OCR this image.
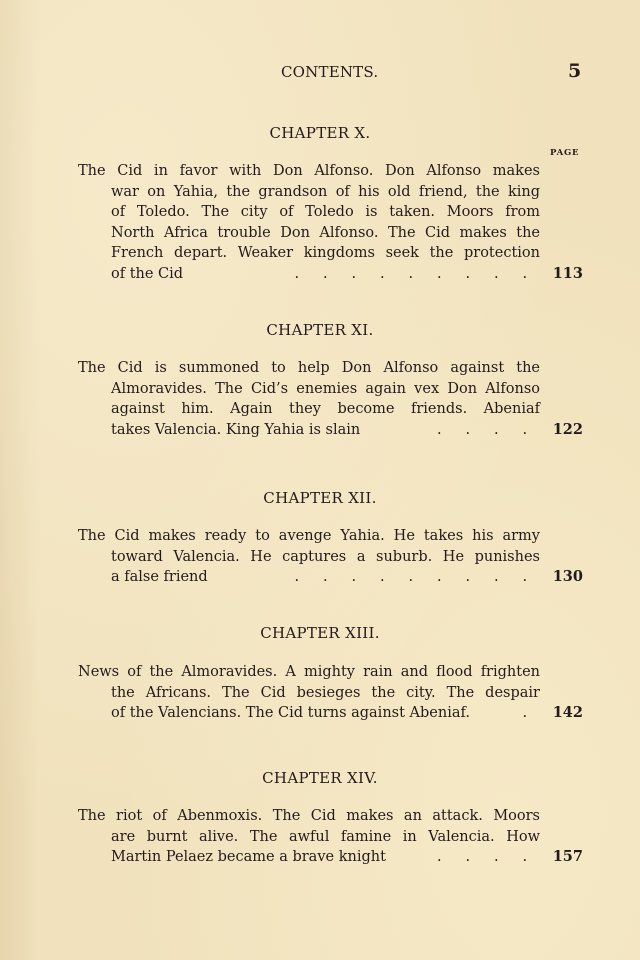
CONTENTS.	5
CHAPTER X.
PAGE
The Cid in favor with Don Alfonso. Don Alfonso makes
war on Yahia, the grandson of his old friend, the king
of Toledo. The city of Toledo is taken. Moors from
North Africa trouble Don Alfonso. The Cid makes the
French depart. Weaker kingdoms seek the protection
of the Cid	. . . . . . . . .	113
CHAPTER XI.
The Cid is summoned to help Don Alfonso against the
Almoravides. The Cid’s enemies again vex Don Alfonso
against him. Again they become friends. Abeniaf
takes Valencia. King Yahia is slain	. . . .	122
CHAPTER XII.
The Cid makes ready to avenge Yahia. He takes his army
toward Valencia. He captures a suburb. He punishes
a false friend	. . . . . . . . .	130
CHAPTER XIII.
News of the Almoravides. A mighty rain and flood frighten
the Africans. The Cid besieges the city. The despair
of the Valencians. The Cid turns against Abeniaf.	.	142
CHAPTER XIV.
The riot of Abenmoxis. The Cid makes an attack. Moors
are burnt alive. The awful famine in Valencia. How
Martin Pelaez became a brave knight	. . . .	157
